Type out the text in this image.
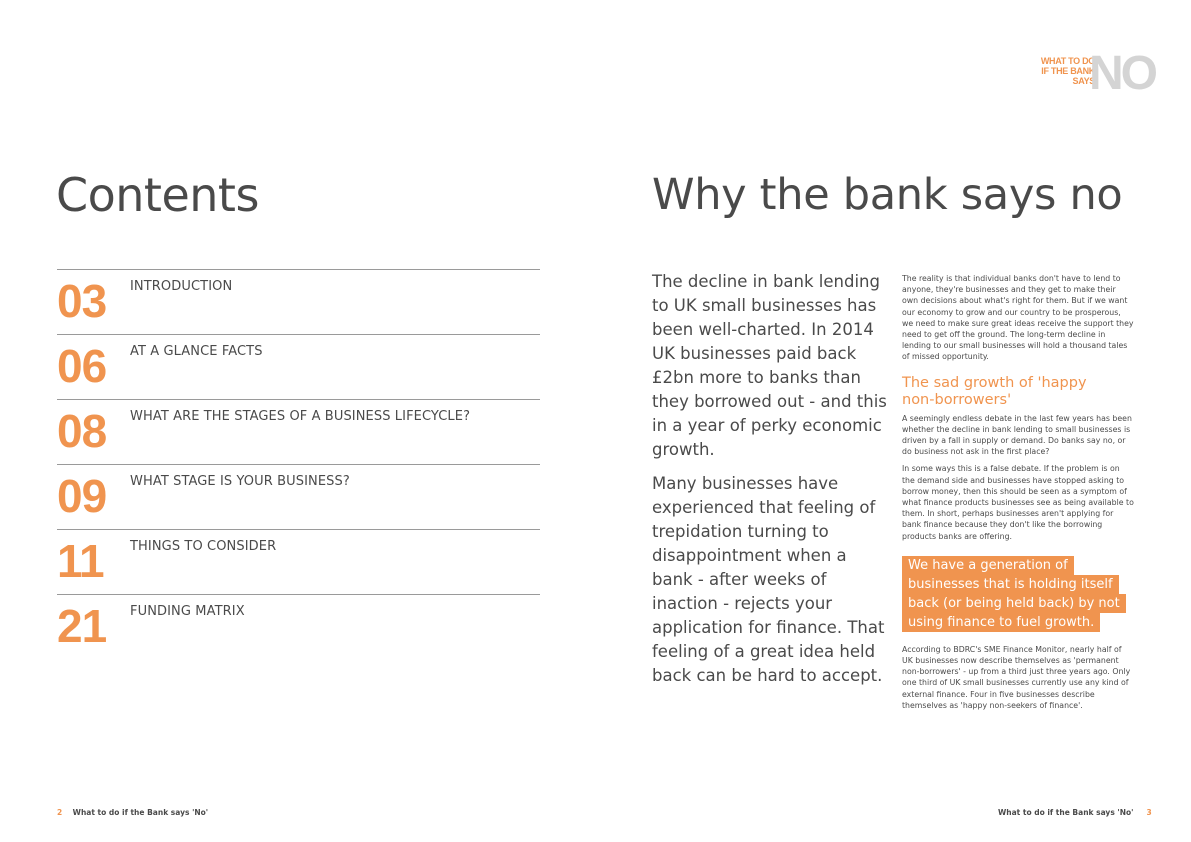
WHAT TO DO IF THE BANK SAYS
NO
Contents
03 INTRODUCTION
06 AT A GLANCE FACTS
08 WHAT ARE THE STAGES OF A BUSINESS LIFECYCLE?
09 WHAT STAGE IS YOUR BUSINESS?
11 THINGS TO CONSIDER
21 FUNDING MATRIX
2 What to do if the Bank says 'No'
Why the bank says no

The decline in bank lending to UK small businesses has been well-charted. In 2014 UK businesses paid back £2bn more to banks than they borrowed out - and this in a year of perky economic growth.

Many businesses have experienced that feeling of trepidation turning to disappointment when a bank - after weeks of inaction - rejects your application for finance. That feeling of a great idea held back can be hard to accept.

The reality is that individual banks don't have to lend to anyone, they're businesses and they get to make their own decisions about what's right for them. But if we want our economy to grow and our country to be prosperous, we need to make sure great ideas receive the support they need to get off the ground. The long-term decline in lending to our small businesses will hold a thousand tales of missed opportunity.

The sad growth of 'happy non-borrowers'

A seemingly endless debate in the last few years has been whether the decline in bank lending to small businesses is driven by a fall in supply or demand. Do banks say no, or do business not ask in the first place?

In some ways this is a false debate. If the problem is on the demand side and businesses have stopped asking to borrow money, then this should be seen as a symptom of what finance products businesses see as being available to them. In short, perhaps businesses aren't applying for bank finance because they don't like the borrowing products banks are offering.

We have a generation of businesses that is holding itself back (or being held back) by not using finance to fuel growth.

According to BDRC's SME Finance Monitor, nearly half of UK businesses now describe themselves as 'permanent non-borrowers' - up from a third just three years ago. Only one third of UK small businesses currently use any kind of external finance. Four in five businesses describe themselves as 'happy non-seekers of finance'.

What to do if the Bank says 'No' 3
